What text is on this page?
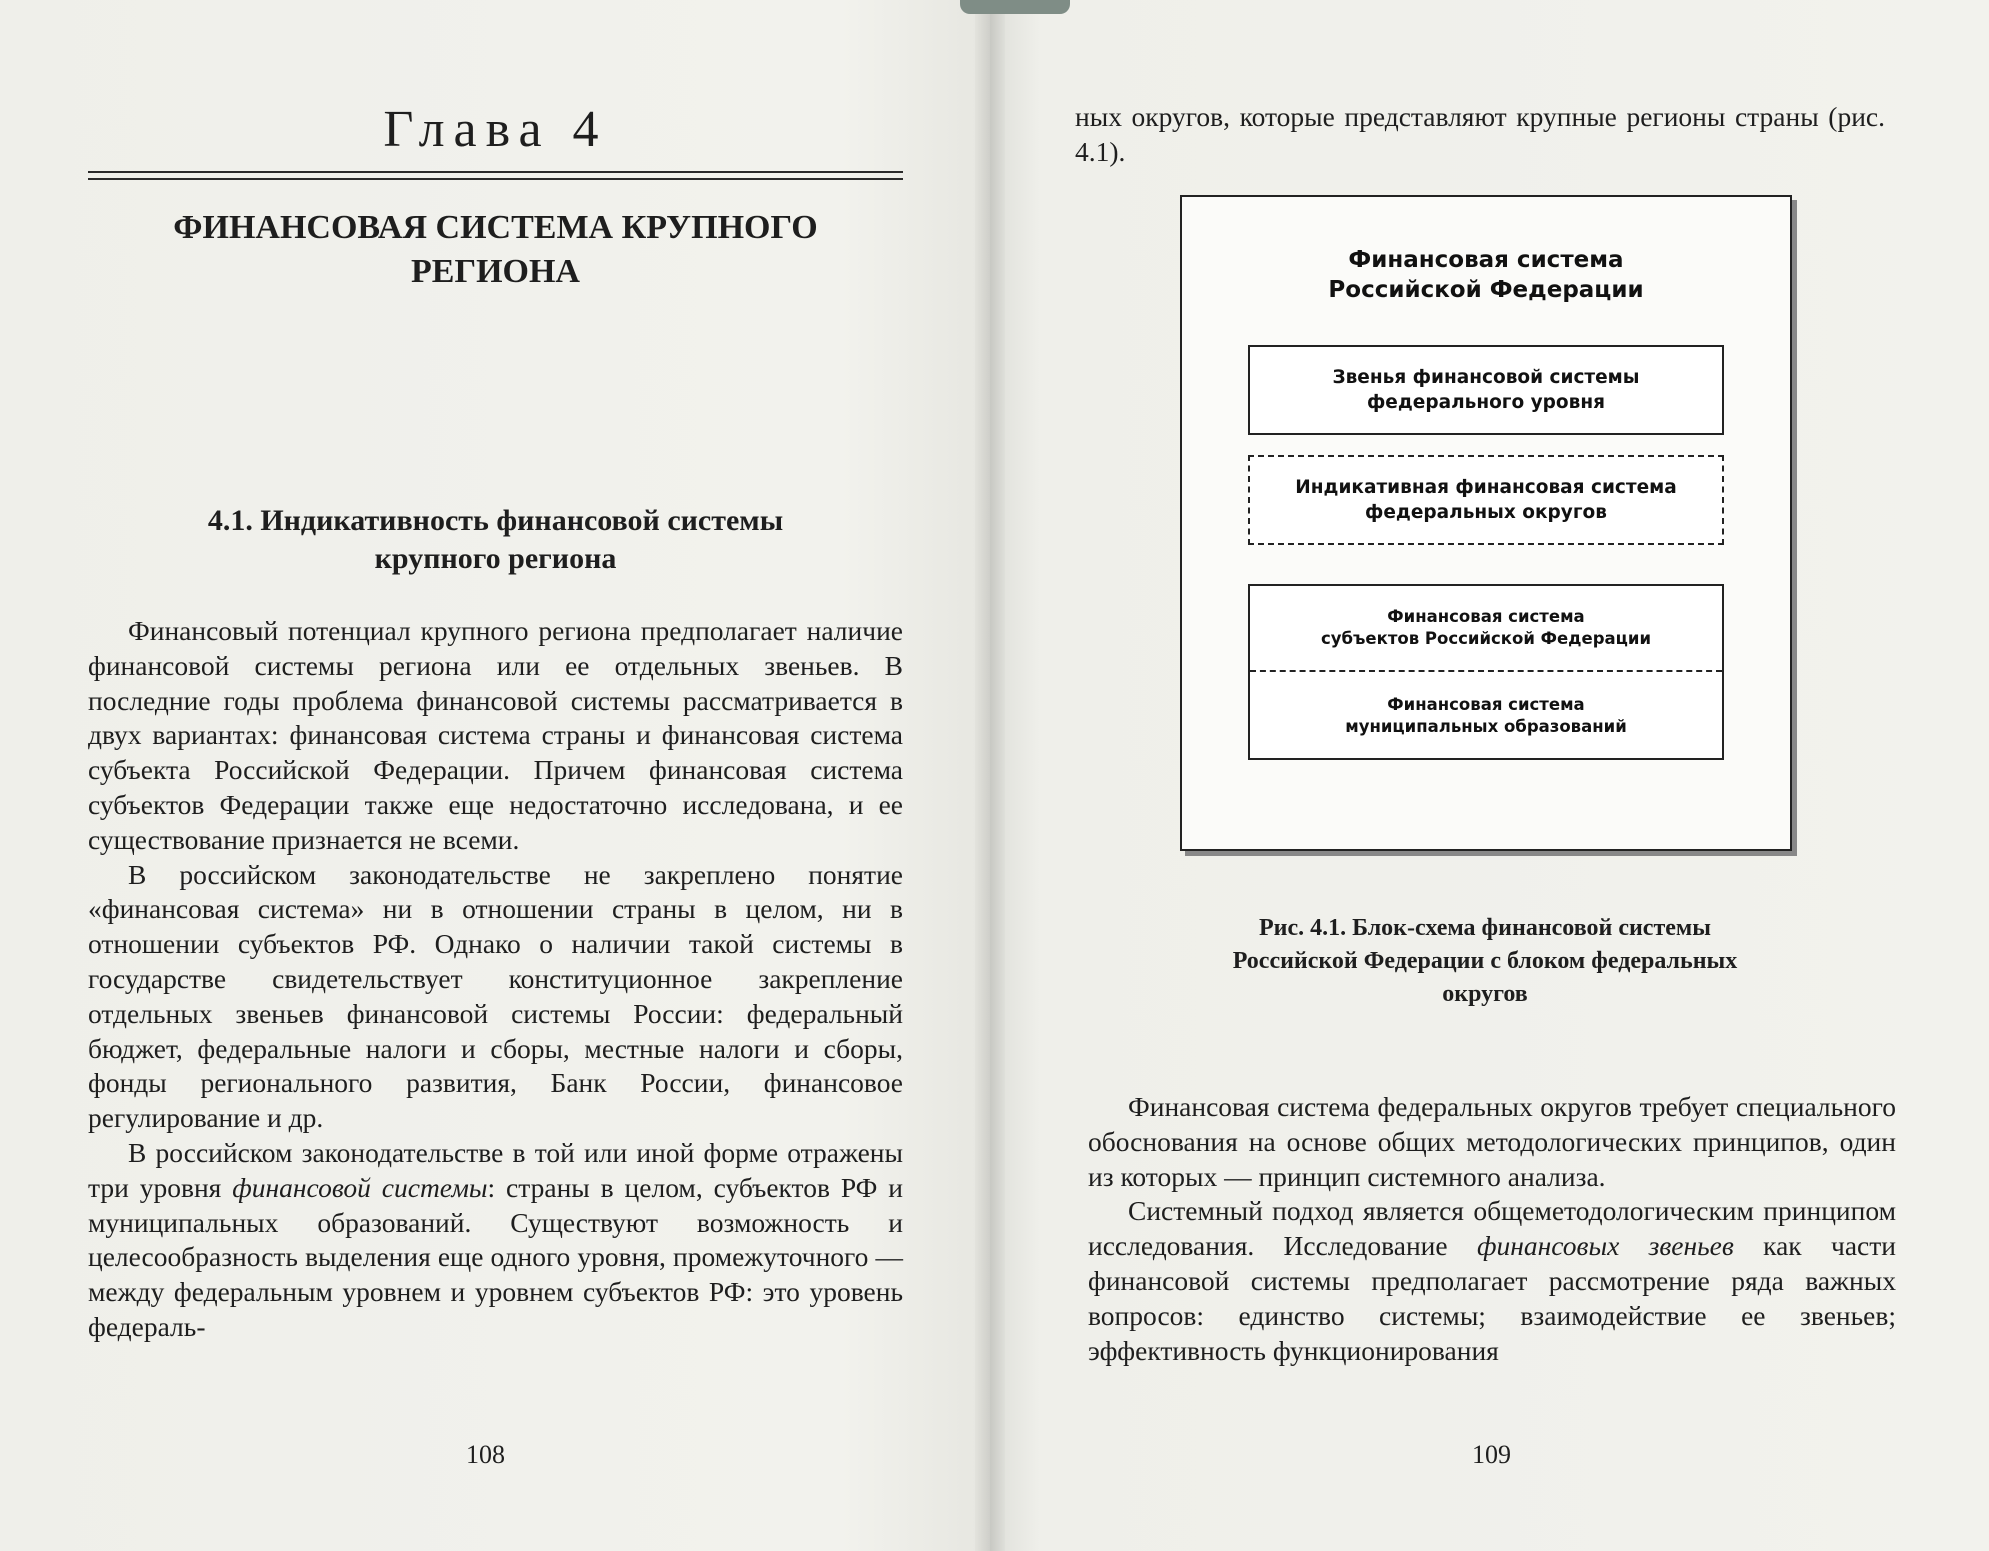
Глава 4
ФИНАНСОВАЯ СИСТЕМА КРУПНОГО
РЕГИОНА
4.1. Индикативность финансовой системы
крупного региона

Финансовый потенциал крупного региона предполагает наличие финансовой системы региона или ее отдельных звеньев. В последние годы проблема финансовой системы рассматривается в двух вариантах: финансовая система страны и финансовая система субъекта Российской Федерации. Причем финансовая система субъектов Федерации также еще недостаточно исследована, и ее существование признается не всеми.

В российском законодательстве не закреплено понятие «финансовая система» ни в отношении страны в целом, ни в отношении субъектов РФ. Однако о наличии такой системы в государстве свидетельствует конституционное закрепление отдельных звеньев финансовой системы России: федеральный бюджет, федеральные налоги и сборы, местные налоги и сборы, фонды регионального развития, Банк России, финансовое регулирование и др.

В российском законодательстве в той или иной форме отражены три уровня финансовой системы: страны в целом, субъектов РФ и муниципальных образований. Существуют возможность и целесообразность выделения еще одного уровня, промежуточного — между федеральным уровнем и уровнем субъектов РФ: это уровень федераль-

108

ных округов, которые представляют крупные регионы страны (рис. 4.1).

Финансовая система
Российской Федерации
Звенья финансовой системы
федерального уровня
Индикативная финансовая система
федеральных округов
Финансовая система
субъектов Российской Федерации
Финансовая система
муниципальных образований
Рис. 4.1. Блок-схема финансовой системы
Российской Федерации с блоком федеральных
округов

Финансовая система федеральных округов требует специального обоснования на основе общих методологических принципов, один из которых — принцип системного анализа.

Системный подход является общеметодологическим принципом исследования. Исследование финансовых звеньев как части финансовой системы предполагает рассмотрение ряда важных вопросов: единство системы; взаимодействие ее звеньев; эффективность функционирования

109
